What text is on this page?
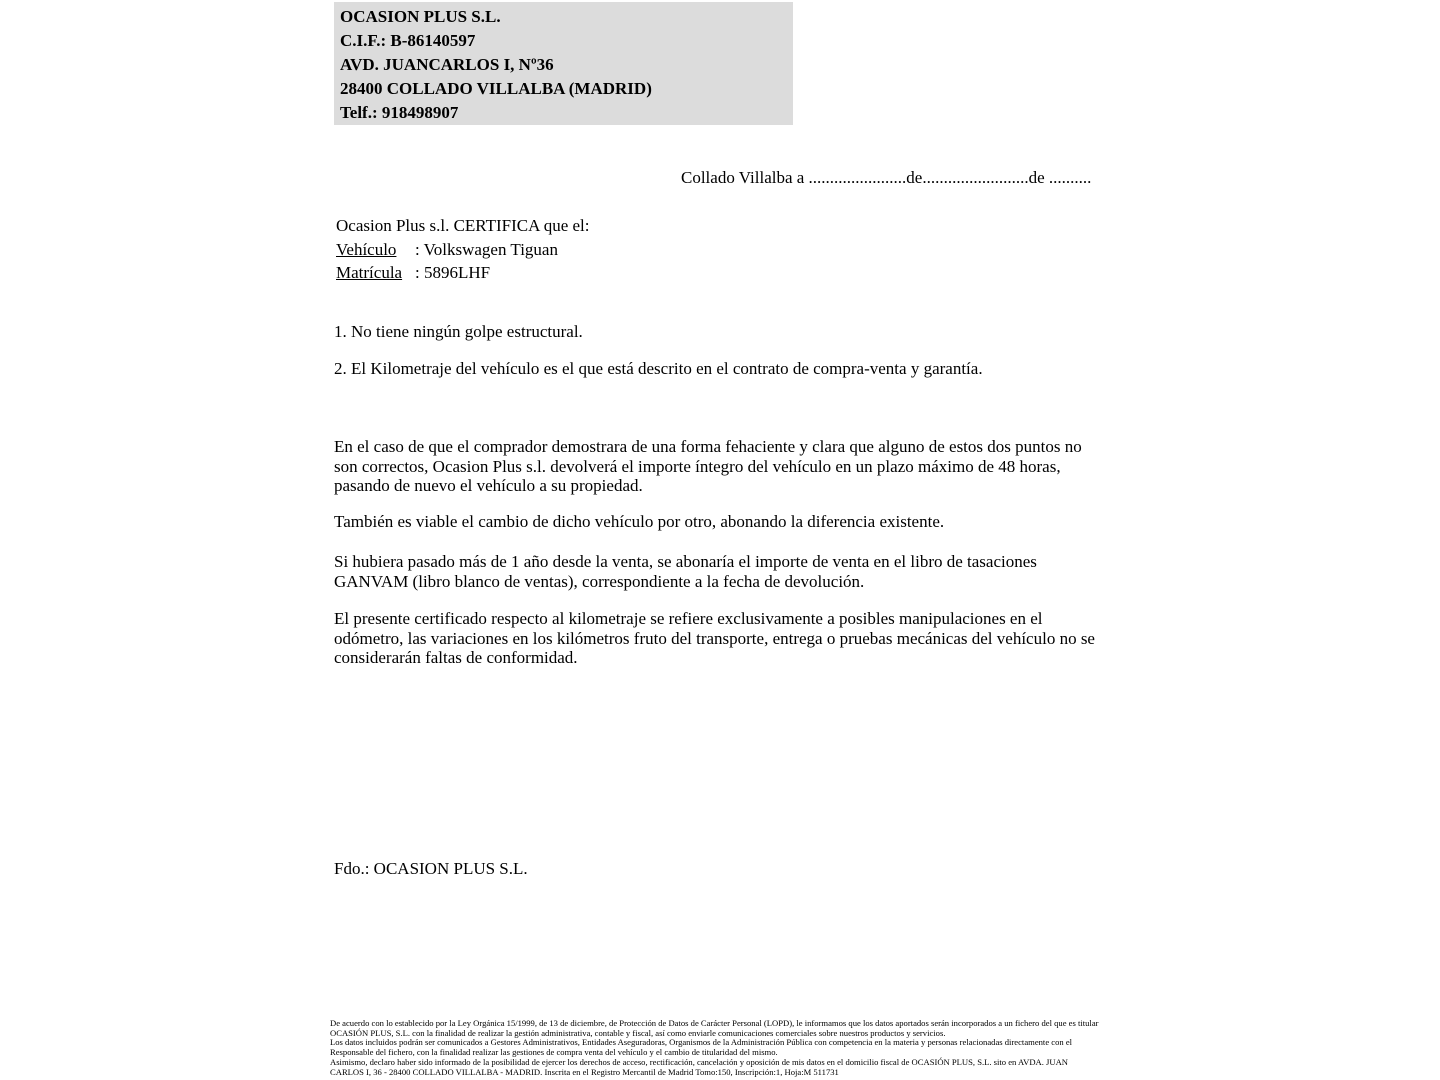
OCASION PLUS S.L.
C.I.F.: B-86140597
AVD. JUANCARLOS I, Nº36
28400 COLLADO VILLALBA (MADRID)
Telf.: 918498907
Collado Villalba a .......................de.........................de ..........
Ocasion Plus s.l. CERTIFICA que el:
Vehículo : Volkswagen Tiguan
Matrícula : 5896LHF
1. No tiene ningún golpe estructural.
2. El Kilometraje del vehículo es el que está descrito en el contrato de compra-venta y garantía.
En el caso de que el comprador demostrara de una forma fehaciente y clara que alguno de estos dos puntos no son correctos, Ocasion Plus s.l. devolverá el importe íntegro del vehículo en un plazo máximo de 48 horas, pasando de nuevo el vehículo a su propiedad.
También es viable el cambio de dicho vehículo por otro, abonando la diferencia existente.
Si hubiera pasado más de 1 año desde la venta, se abonaría el importe de venta en el libro de tasaciones GANVAM (libro blanco de ventas), correspondiente a la fecha de devolución.
El presente certificado respecto al kilometraje se refiere exclusivamente a posibles manipulaciones en el odómetro, las variaciones en los kilómetros fruto del transporte, entrega o pruebas mecánicas del vehículo no se considerarán faltas de conformidad.
Fdo.: OCASION PLUS S.L.
De acuerdo con lo establecido por la Ley Orgánica 15/1999, de 13 de diciembre, de Protección de Datos de Carácter Personal (LOPD), le informamos que los datos aportados serán incorporados a un fichero del que es titular
OCASIÓN PLUS, S.L. con la finalidad de realizar la gestión administrativa, contable y fiscal, así como enviarle comunicaciones comerciales sobre nuestros productos y servicios.
Los datos incluidos podrán ser comunicados a Gestores Administrativos, Entidades Aseguradoras, Organismos de la Administración Pública con competencia en la materia y personas relacionadas directamente con el
Responsable del fichero, con la finalidad realizar las gestiones de compra venta del vehículo y el cambio de titularidad del mismo.
Asimismo, declaro haber sido informado de la posibilidad de ejercer los derechos de acceso, rectificación, cancelación y oposición de mis datos en el domicilio fiscal de OCASIÓN PLUS, S.L. sito en AVDA. JUAN
CARLOS I, 36 - 28400 COLLADO VILLALBA - MADRID. Inscrita en el Registro Mercantil de Madrid Tomo:150, Inscripción:1, Hoja:M 511731
